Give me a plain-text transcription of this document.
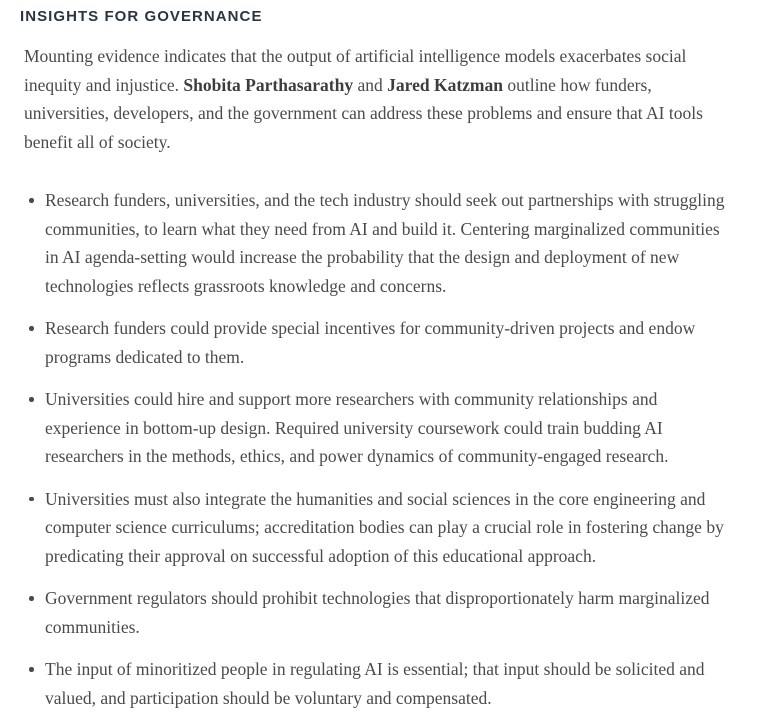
INSIGHTS FOR GOVERNANCE

Mounting evidence indicates that the output of artificial intelligence models exacerbates social inequity and injustice. Shobita Parthasarathy and Jared Katzman outline how funders, universities, developers, and the government can address these problems and ensure that AI tools benefit all of society.

Research funders, universities, and the tech industry should seek out partnerships with struggling communities, to learn what they need from AI and build it. Centering marginalized communities in AI agenda-setting would increase the probability that the design and deployment of new technologies reflects grassroots knowledge and concerns.
Research funders could provide special incentives for community-driven projects and endow programs dedicated to them.
Universities could hire and support more researchers with community relationships and experience in bottom-up design. Required university coursework could train budding AI researchers in the methods, ethics, and power dynamics of community-engaged research.
Universities must also integrate the humanities and social sciences in the core engineering and computer science curriculums; accreditation bodies can play a crucial role in fostering change by predicating their approval on successful adoption of this educational approach.
Government regulators should prohibit technologies that disproportionately harm marginalized communities.
The input of minoritized people in regulating AI is essential; that input should be solicited and valued, and participation should be voluntary and compensated.
